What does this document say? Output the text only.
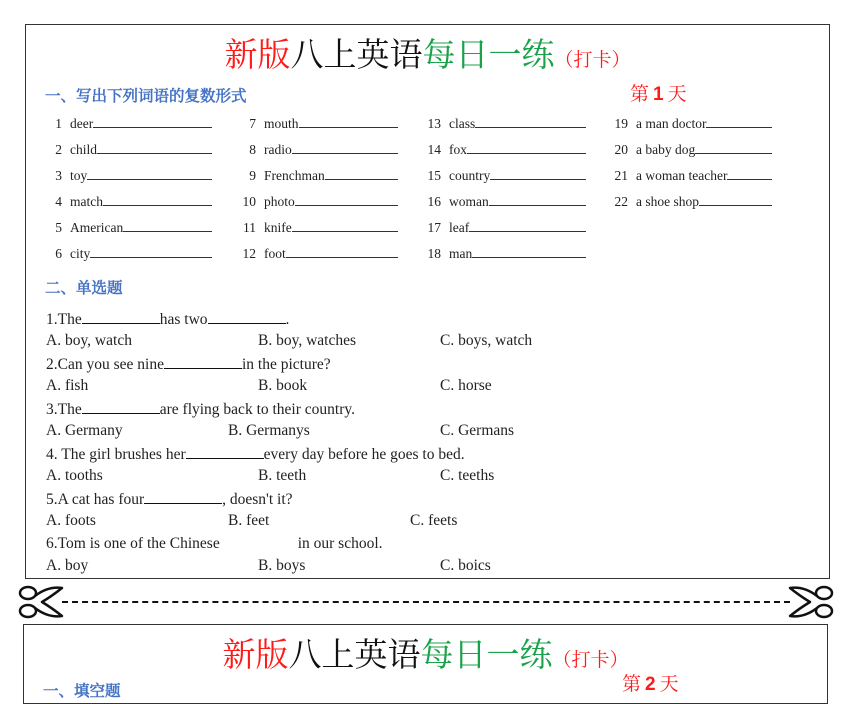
新版八上英语每日一练（打卡）
一、写出下列词语的复数形式	第 1 天
1 deer
2 child
3 toy
4 match
5 American
6 city
7 mouth
8 radio
9 Frenchman
10 photo
11 knife
12 foot
13 class
14 fox
15 country
16 woman
17 leaf
18 man
19 a man doctor
20 a baby dog
21 a woman teacher
22 a shoe shop
二、单选题
1.The	has two	.
A. boy, watch	B. boy, watches	C. boys, watch
2.Can you see nine	in the picture?
A. fish	B. book	C. horse
3.The	are flying back to their country.
A. Germany	B. Germanys	C. Germans
4. The girl brushes her	every day before he goes to bed.
A. tooths	B. teeth	C. teeths
5.A cat has four	, doesn't it?
A. foots	B. feet	C. feets
6.Tom is one of the Chinese	in our school.
A. boy	B. boys	C. boics
新版八上英语每日一练（打卡）
一、填空题	第 2 天
